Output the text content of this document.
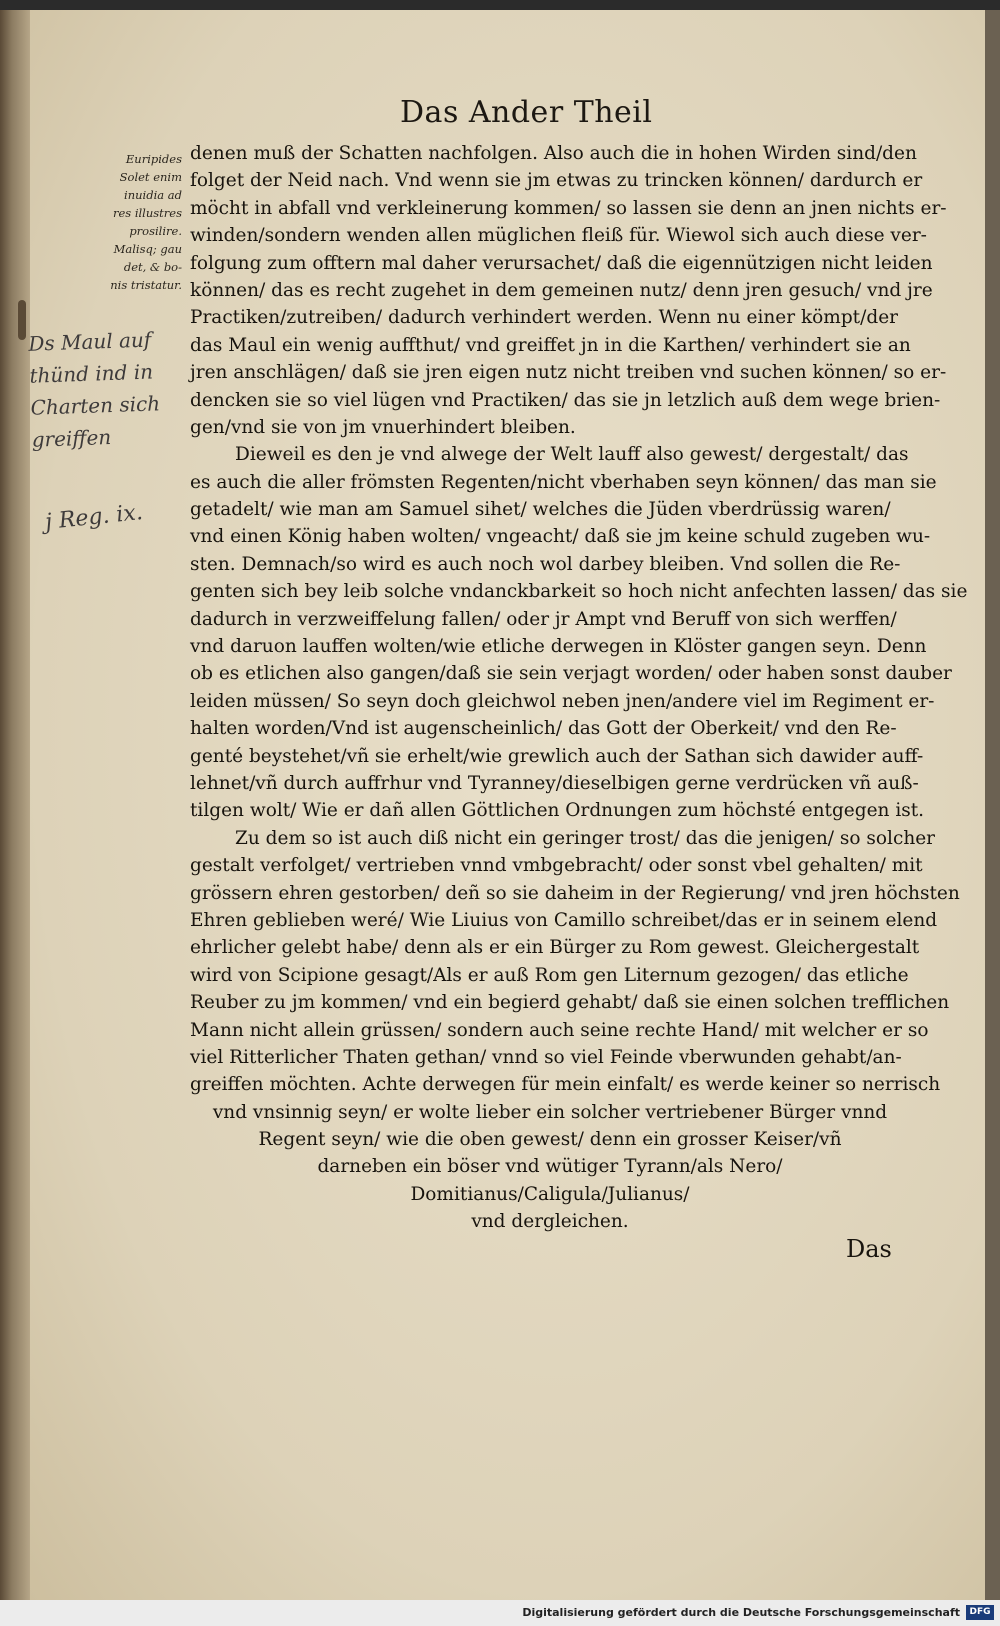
Das Ander Theil
Euripides
Solet enim
inuidia ad
res illustres
prosilire.
Malisq; gau
det, & bo-
nis tristatur.
Ds Maul auf
thünd ind in
Charten sich
greiffen
j Reg. ix.
denen muß der Schatten nachfolgen. Also auch die in hohen Wirden sind/den
folget der Neid nach. Vnd wenn sie jm etwas zu trincken können/ dardurch er
möcht in abfall vnd verkleinerung kommen/ so lassen sie denn an jnen nichts er-
winden/sondern wenden allen müglichen fleiß für. Wiewol sich auch diese ver-
folgung zum offtern mal daher verursachet/ daß die eigennützigen nicht leiden
können/ das es recht zugehet in dem gemeinen nutz/ denn jren gesuch/ vnd jre
Practiken/zutreiben/ dadurch verhindert werden. Wenn nu einer kömpt/der
das Maul ein wenig auffthut/ vnd greiffet jn in die Karthen/ verhindert sie an
jren anschlägen/ daß sie jren eigen nutz nicht treiben vnd suchen können/ so er-
dencken sie so viel lügen vnd Practiken/ das sie jn letzlich auß dem wege brien-
gen/vnd sie von jm vnuerhindert bleiben.
Dieweil es den je vnd alwege der Welt lauff also gewest/ dergestalt/ das
es auch die aller frömsten Regenten/nicht vberhaben seyn können/ das man sie
getadelt/ wie man am Samuel sihet/ welches die Jüden vberdrüssig waren/
vnd einen König haben wolten/ vngeacht/ daß sie jm keine schuld zugeben wu-
sten. Demnach/so wird es auch noch wol darbey bleiben. Vnd sollen die Re-
genten sich bey leib solche vndanckbarkeit so hoch nicht anfechten lassen/ das sie
dadurch in verzweiffelung fallen/ oder jr Ampt vnd Beruff von sich werffen/
vnd daruon lauffen wolten/wie etliche derwegen in Klöster gangen seyn. Denn
ob es etlichen also gangen/daß sie sein verjagt worden/ oder haben sonst dauber
leiden müssen/ So seyn doch gleichwol neben jnen/andere viel im Regiment er-
halten worden/Vnd ist augenscheinlich/ das Gott der Oberkeit/ vnd den Re-
genté beystehet/vñ sie erhelt/wie grewlich auch der Sathan sich dawider auff-
lehnet/vñ durch auffrhur vnd Tyranney/dieselbigen gerne verdrücken vñ auß-
tilgen wolt/ Wie er dañ allen Göttlichen Ordnungen zum höchsté entgegen ist.
Zu dem so ist auch diß nicht ein geringer trost/ das die jenigen/ so solcher
gestalt verfolget/ vertrieben vnnd vmbgebracht/ oder sonst vbel gehalten/ mit
grössern ehren gestorben/ deñ so sie daheim in der Regierung/ vnd jren höchsten
Ehren geblieben weré/ Wie Liuius von Camillo schreibet/das er in seinem elend
ehrlicher gelebt habe/ denn als er ein Bürger zu Rom gewest. Gleichergestalt
wird von Scipione gesagt/Als er auß Rom gen Liternum gezogen/ das etliche
Reuber zu jm kommen/ vnd ein begierd gehabt/ daß sie einen solchen trefflichen
Mann nicht allein grüssen/ sondern auch seine rechte Hand/ mit welcher er so
viel Ritterlicher Thaten gethan/ vnnd so viel Feinde vberwunden gehabt/an-
greiffen möchten. Achte derwegen für mein einfalt/ es werde keiner so nerrisch
vnd vnsinnig seyn/ er wolte lieber ein solcher vertriebener Bürger vnnd
Regent seyn/ wie die oben gewest/ denn ein grosser Keiser/vñ
darneben ein böser vnd wütiger Tyrann/als Nero/
Domitianus/Caligula/Julianus/
vnd dergleichen.
Das
Digitalisierung gefördert durch die Deutsche Forschungsgemeinschaft	DFG
